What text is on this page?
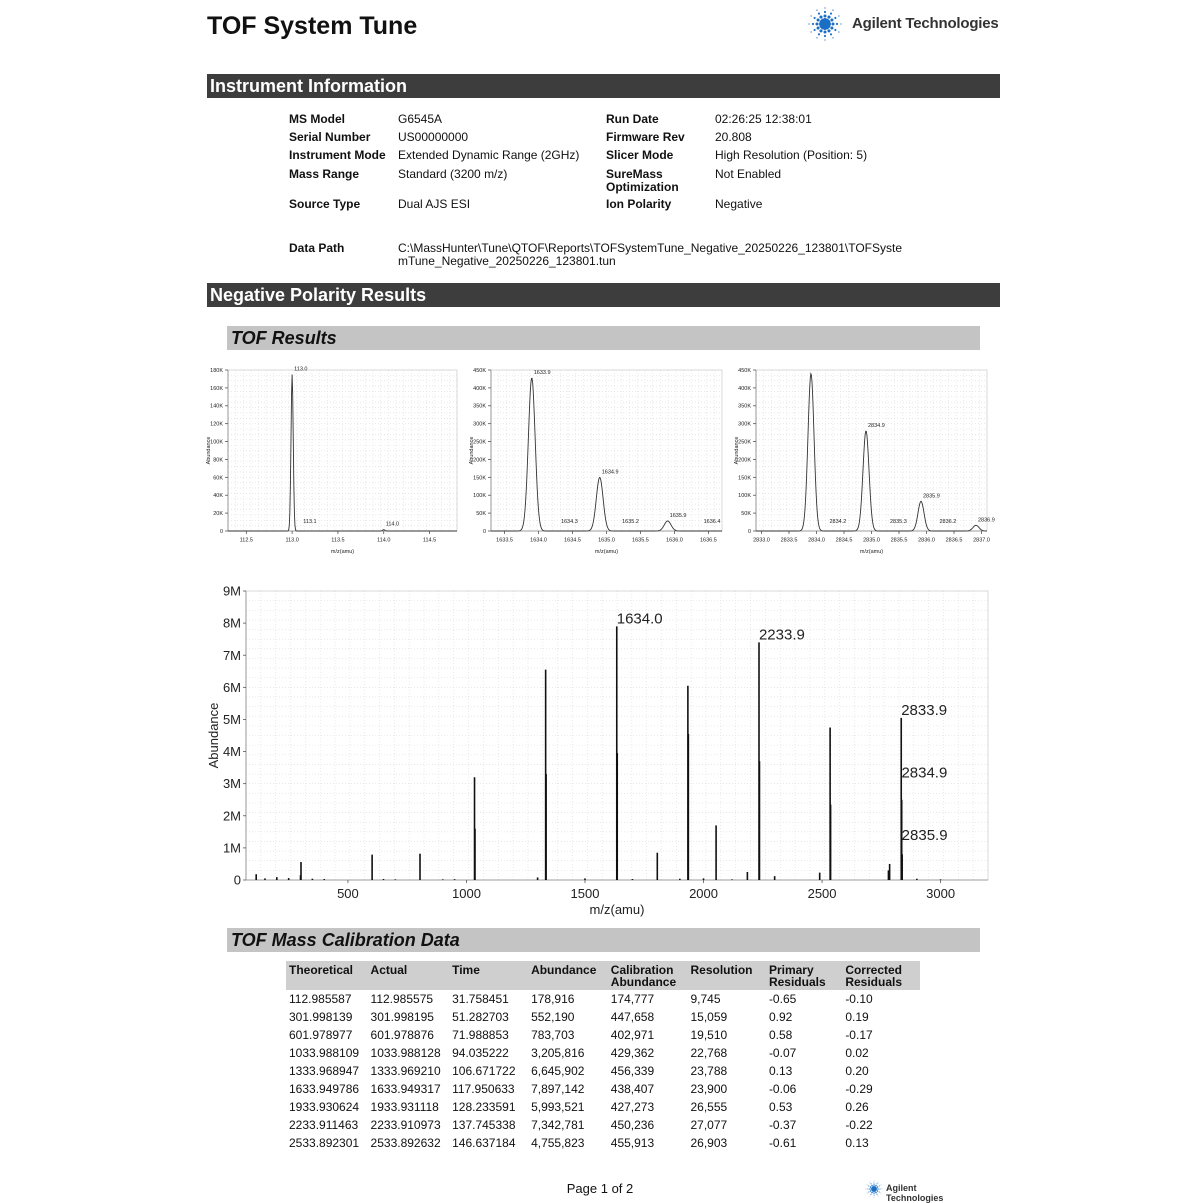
TOF System Tune	Agilent Technologies
Instrument Information
MS Model	G6545A
Serial Number	US00000000
Instrument Mode	Extended Dynamic Range (2GHz)
Mass Range	Standard (3200 m/z)
Source Type	Dual AJS ESI
Run Date	02:26:25 12:38:01
Firmware Rev	20.808
Slicer Mode	High Resolution (Position: 5)
SureMass Optimization
Not Enabled
Ion Polarity	Negative
Data Path	C:\MassHunter\Tune\QTOF\Reports\TOFSystemTune_Negative_20250226_123801\TOFSyste
mTune_Negative_20250226_123801.tun
Negative Polarity Results
TOF Results
0
20K
40K
60K
80K
100K
120K
140K
160K
180K
112.5	113.0	113.5	114.0	114.5
Abundance
m/z(amu)
113.0
113.1	114.0
0
50K
100K
150K
200K
250K
300K
350K
400K
450K
1633.5	1634.0	1634.5	1635.0	1635.5	1636.0	1636.5
Abundance
m/z(amu)
1633.9
1634.3
1634.9
1635.2
1635.9
1636.4
0
50K
100K
150K
200K
250K
300K
350K
400K
450K
2833.0 2833.5 2834.0 2834.5 2835.0 2835.5 2836.0 2836.5 2837.0
Abundance
m/z(amu)
2834.2
2834.9
2835.3
2835.9
2836.2	2836.9
0
1M
2M
3M
4M
5M
6M
7M
8M
9M
500	1000	1500	2000	2500	3000
Abundance
m/z(amu)
1634.0
2233.9
2833.9
2834.9
2835.9
TOF Mass Calibration Data
Theoretical	Actual	Time	Abundance	Calibration Abundance	Resolution	Primary Residuals	Corrected Residuals
112.985587	112.985575	31.758451	178,916	174,777	9,745	-0.65	-0.10
301.998139	301.998195	51.282703	552,190	447,658	15,059	0.92	0.19
601.978977	601.978876	71.988853	783,703	402,971	19,510	0.58	-0.17
1033.988109	1033.988128	94.035222	3,205,816	429,362	22,768	-0.07	0.02
1333.968947	1333.969210	106.671722	6,645,902	456,339	23,788	0.13	0.20
1633.949786	1633.949317	117.950633	7,897,142	438,407	23,900	-0.06	-0.29
1933.930624	1933.931118	128.233591	5,993,521	427,273	26,555	0.53	0.26
2233.911463	2233.910973	137.745338	7,342,781	450,236	27,077	-0.37	-0.22
2533.892301	2533.892632	146.637184	4,755,823	455,913	26,903	-0.61	0.13
Page 1 of 2	Agilent Technologies
